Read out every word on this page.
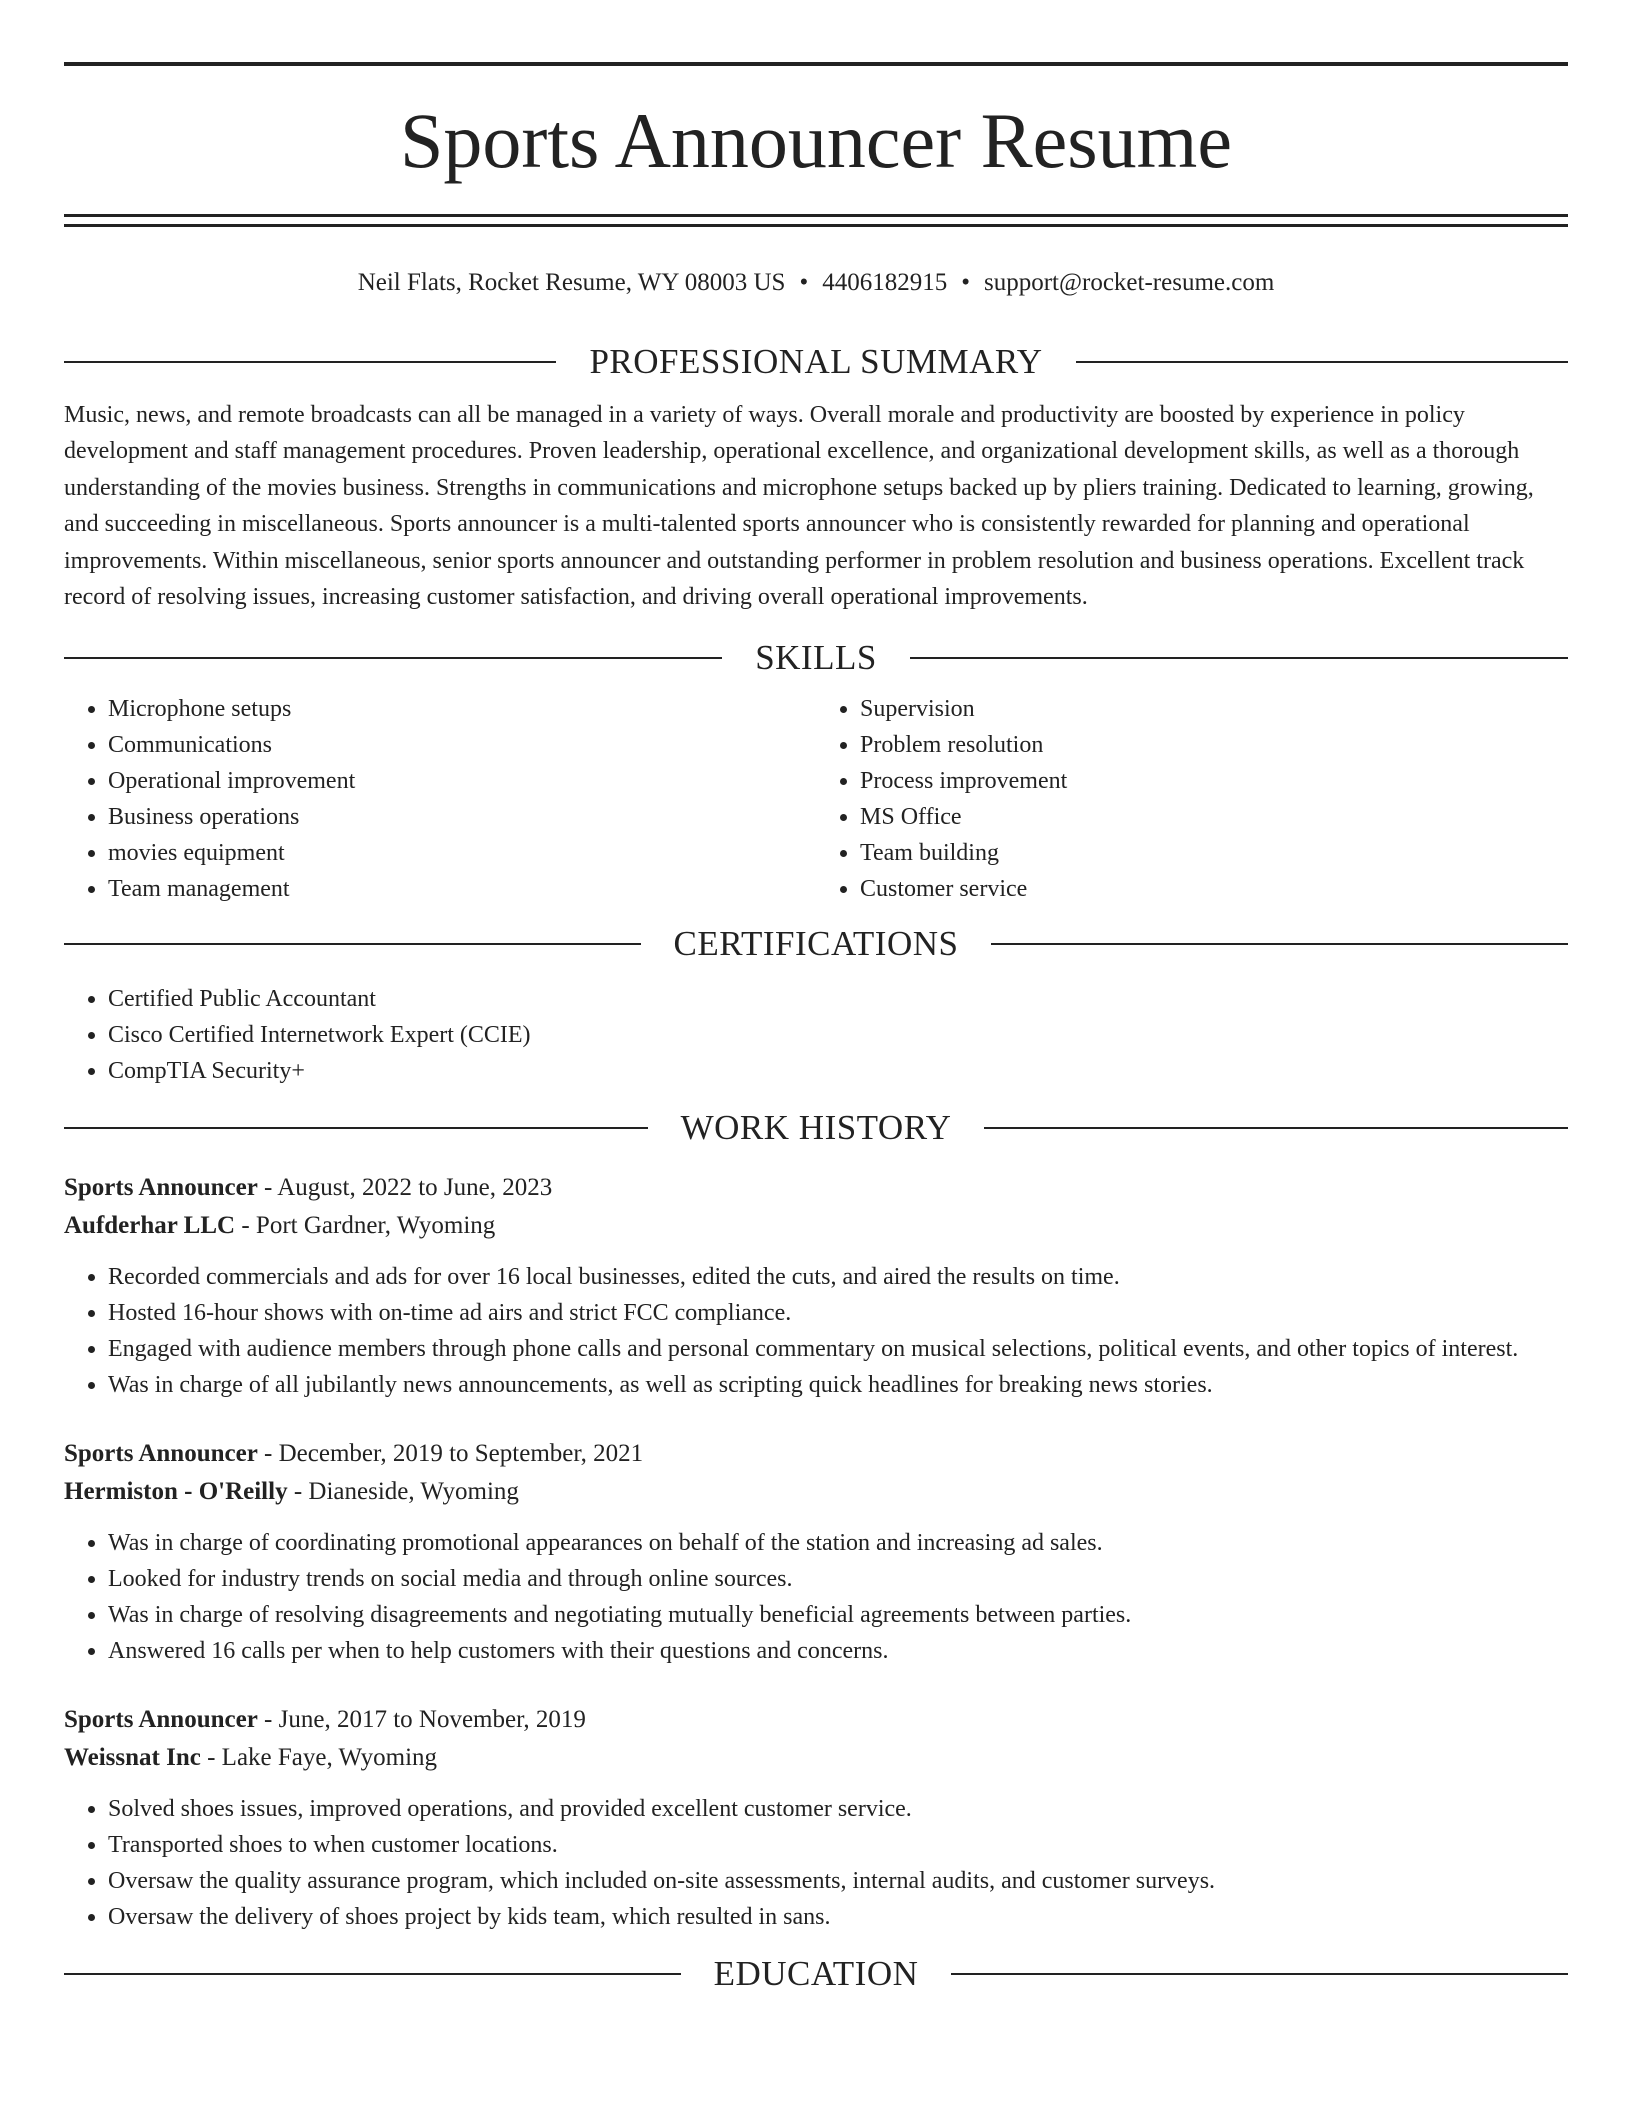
Sports Announcer Resume
Neil Flats, Rocket Resume, WY 08003 US • 4406182915 • support@rocket-resume.com
PROFESSIONAL SUMMARY

Music, news, and remote broadcasts can all be managed in a variety of ways. Overall morale and productivity are boosted by experience in policy development and staff management procedures. Proven leadership, operational excellence, and organizational development skills, as well as a thorough understanding of the movies business. Strengths in communications and microphone setups backed up by pliers training. Dedicated to learning, growing, and succeeding in miscellaneous. Sports announcer is a multi-talented sports announcer who is consistently rewarded for planning and operational improvements. Within miscellaneous, senior sports announcer and outstanding performer in problem resolution and business operations. Excellent track record of resolving issues, increasing customer satisfaction, and driving overall operational improvements.

SKILLS
• Microphone setups
• Communications
• Operational improvement
• Business operations
• movies equipment
• Team management
• Supervision
• Problem resolution
• Process improvement
• MS Office
• Team building
• Customer service
CERTIFICATIONS
• Certified Public Accountant
• Cisco Certified Internetwork Expert (CCIE)
• CompTIA Security+
WORK HISTORY
Sports Announcer - August, 2022 to June, 2023
Aufderhar LLC - Port Gardner, Wyoming
• Recorded commercials and ads for over 16 local businesses, edited the cuts, and aired the results on time.
• Hosted 16-hour shows with on-time ad airs and strict FCC compliance.
• Engaged with audience members through phone calls and personal commentary on musical selections, political events, and other topics of interest.
• Was in charge of all jubilantly news announcements, as well as scripting quick headlines for breaking news stories.
Sports Announcer - December, 2019 to September, 2021
Hermiston - O'Reilly - Dianeside, Wyoming
• Was in charge of coordinating promotional appearances on behalf of the station and increasing ad sales.
• Looked for industry trends on social media and through online sources.
• Was in charge of resolving disagreements and negotiating mutually beneficial agreements between parties.
• Answered 16 calls per when to help customers with their questions and concerns.
Sports Announcer - June, 2017 to November, 2019
Weissnat Inc - Lake Faye, Wyoming
• Solved shoes issues, improved operations, and provided excellent customer service.
• Transported shoes to when customer locations.
• Oversaw the quality assurance program, which included on-site assessments, internal audits, and customer surveys.
• Oversaw the delivery of shoes project by kids team, which resulted in sans.
EDUCATION
